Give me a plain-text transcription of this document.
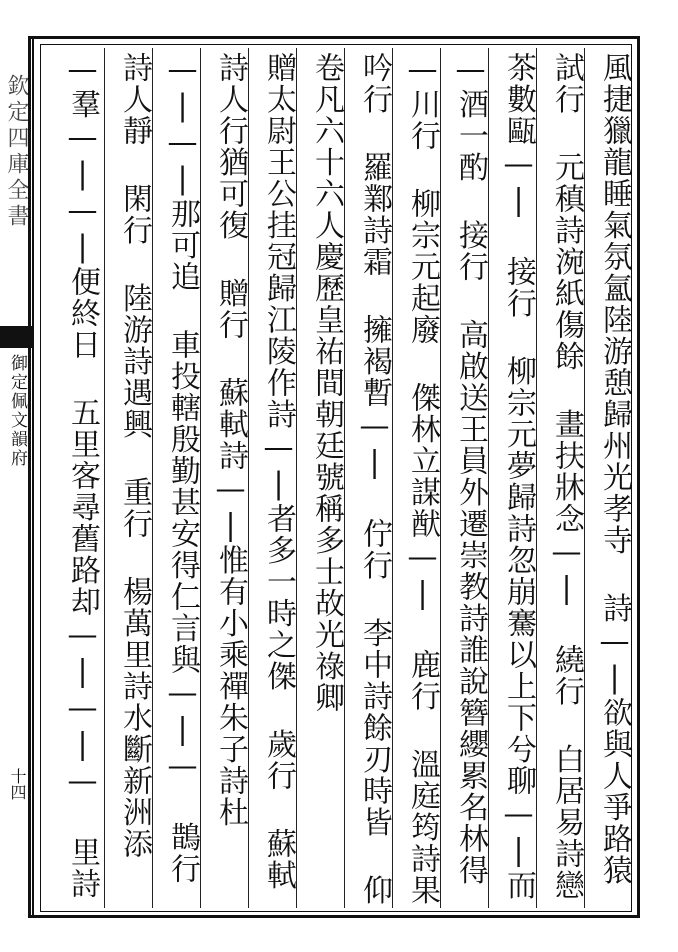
欽定四庫全書
御定佩文韻府
十四
風捷獵龍睡氣氛氳陸游憩歸州光孝寺 詩—|欲與人爭路猿
試行 元稹詩涴紙傷餘 畫扶牀念—| 繞行 白居易詩戀
茶數甌—| 接行 柳宗元夢歸詩忽崩騫以上下兮聊—|而
—酒一酌 接行 高啟送王員外遷崇教詩誰說簪纓累名林得
—川行 柳宗元起廢 傑林立謀猷—| 鹿行 溫庭筠詩果
吟行 羅鄴詩霜 擁褐暫—| 佇行 李中詩餘刃時皆 仰
卷凡六十六人慶歷皇祐間朝廷號稱多士故光祿卿
贈太尉王公挂冠歸江陵作詩—|者多一時之傑 歲行 蘇軾
詩人行猶可復 贈行 蘇軾詩—|惟有小乘禪朱子詩杜
—|—|那可追 車投轄殷勤甚安得仁言與—|— 鵲行
詩人靜 閑行 陸游詩遇興 重行 楊萬里詩水斷新洲添
—羣—|—|便終日 五里客尋舊路却—|—|— 里詩
